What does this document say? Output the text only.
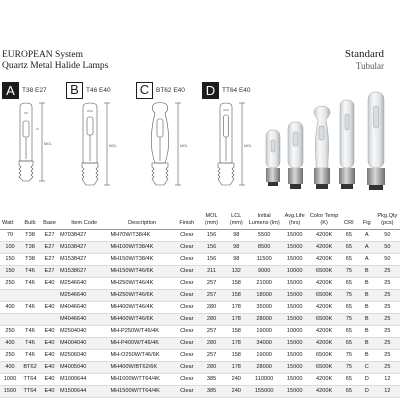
EUROPEAN System
Quartz Metal Halide Lamps
Standard
Tubular
A	T38 E27
MOL
B	T46 E40
MOL
C	BT62 E40
MOL
D	TT64 E40
MOL
Watt	Bulb	Base	Item Code	Description	Finish	MOL (mm)	LCL (mm)	Initial Lumens (lm)	Avg.Life (hrs)	Color Temp (K)	CRI	Fig	Pkg.Qty (pcs)
70	T38	E27	M7038427	MH70W/T38/4K	Clear	156	98	5500	15000	4200K	65	A	50
100	T38	E27	M1038427	MH100W/T38/4K	Clear	156	98	8500	15000	4200K	65	A	50
150	T38	E27	M1538427	MH150W/T38/4K	Clear	156	98	11500	15000	4200K	65	A	50
150	T46	E27	M1538627	MH150W/T46/6K	Clear	211	132	9000	10000	6500K	75	B	25
250	T46	E40	M2546640	MH250W/T46/4K	Clear	257	158	21000	15000	4200K	65	B	25
			M2546640	MH250W/T46/6K	Clear	257	158	18000	15000	6500K	75	B	25
400	T46	E40	M4046640	MH400W/T46/4K	Clear	280	178	35000	15000	4200K	65	B	25
			M4046640	MH400W/T46/6K	Clear	280	178	28000	15000	6500K	75	B	25
250	T46	E40	M2504040	MH-P250W/T46/4K	Clear	257	158	19000	10000	4200K	65	B	25
400	T46	E40	M4004040	MH-P400W/T46/4K	Clear	280	178	34000	15000	4200K	65	B	25
250	T46	E40	M2506040	MH-O250W/T46/6K	Clear	257	158	19000	15000	6500K	75	B	25
400	BT62	E40	M4005040	MH400W/BT62/6K	Clear	280	178	28000	15000	6500K	75	C	25
1000	TT64	E40	M1000644	MH1000W/TT64/4K	Clear	385	240	110000	15000	4200K	65	D	12
1500	TT64	E40	M1500644	MH1500W/TT64/4K	Clear	385	240	155000	15000	4200K	65	D	12
